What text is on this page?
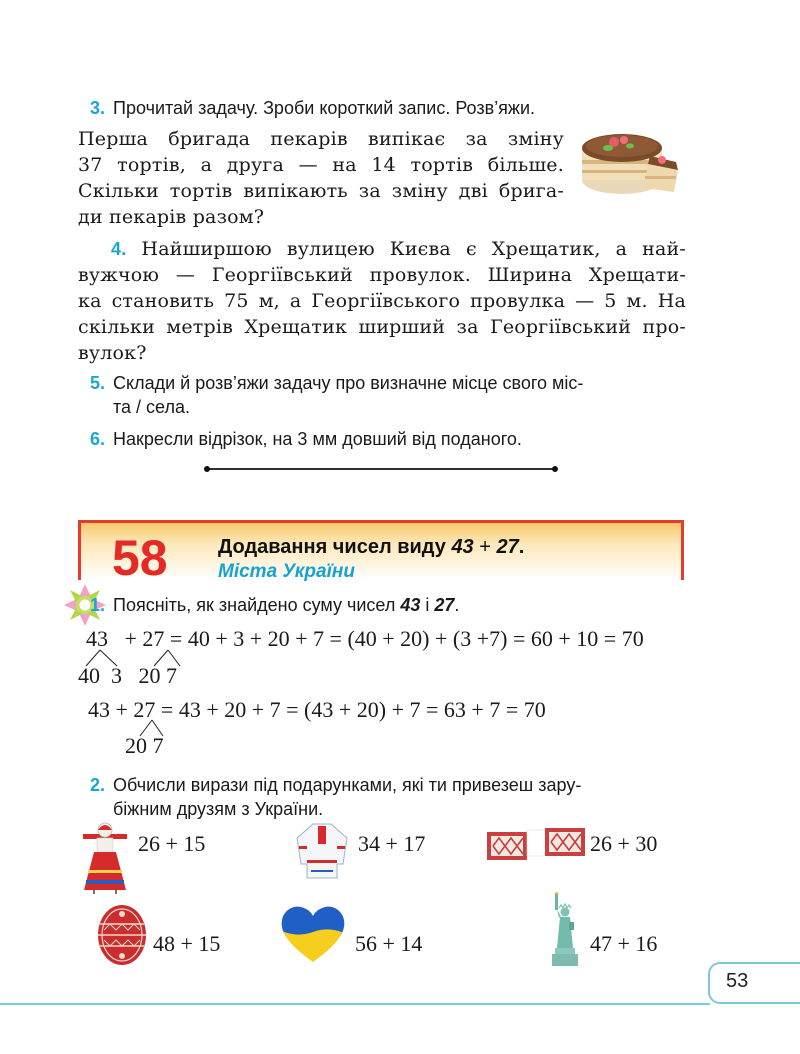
3. Прочитай задачу. Зроби короткий запис. Розв’яжи.
Перша бригада пекарів випікає за зміну
37 тортів, а друга — на 14 тортів більше.
Скільки тортів випікають за зміну дві брига-
ди пекарів разом?
4. Найширшою вулицею Києва є Хрещатик, а най-
вужчою — Георгіївський провулок. Ширина Хрещати-
ка становить 75 м, а Георгіївського провулка — 5 м. На
скільки метрів Хрещатик ширший за Георгіївський про-
вулок?
5. Склади й розв’яжи задачу про визначне місце свого міс-
та / села.
6. Накресли відрізок, на 3 мм довший від поданого.
58	Додавання чисел виду 43 + 27.
Міста України
1. Поясніть, як знайдено суму чисел 43 і 27.
43   + 27 = 40 + 3 + 20 + 7 = (40 + 20) + (3 +7) = 60 + 10 = 70
40  3   20 7
43 + 27 = 43 + 20 + 7 = (43 + 20) + 7 = 63 + 7 = 70
20 7
2. Обчисли вирази під подарунками, які ти привезеш зару-
біжним друзям з України.
26 + 15	34 + 17	26 + 30
48 + 15	56 + 14	47 + 16
53
